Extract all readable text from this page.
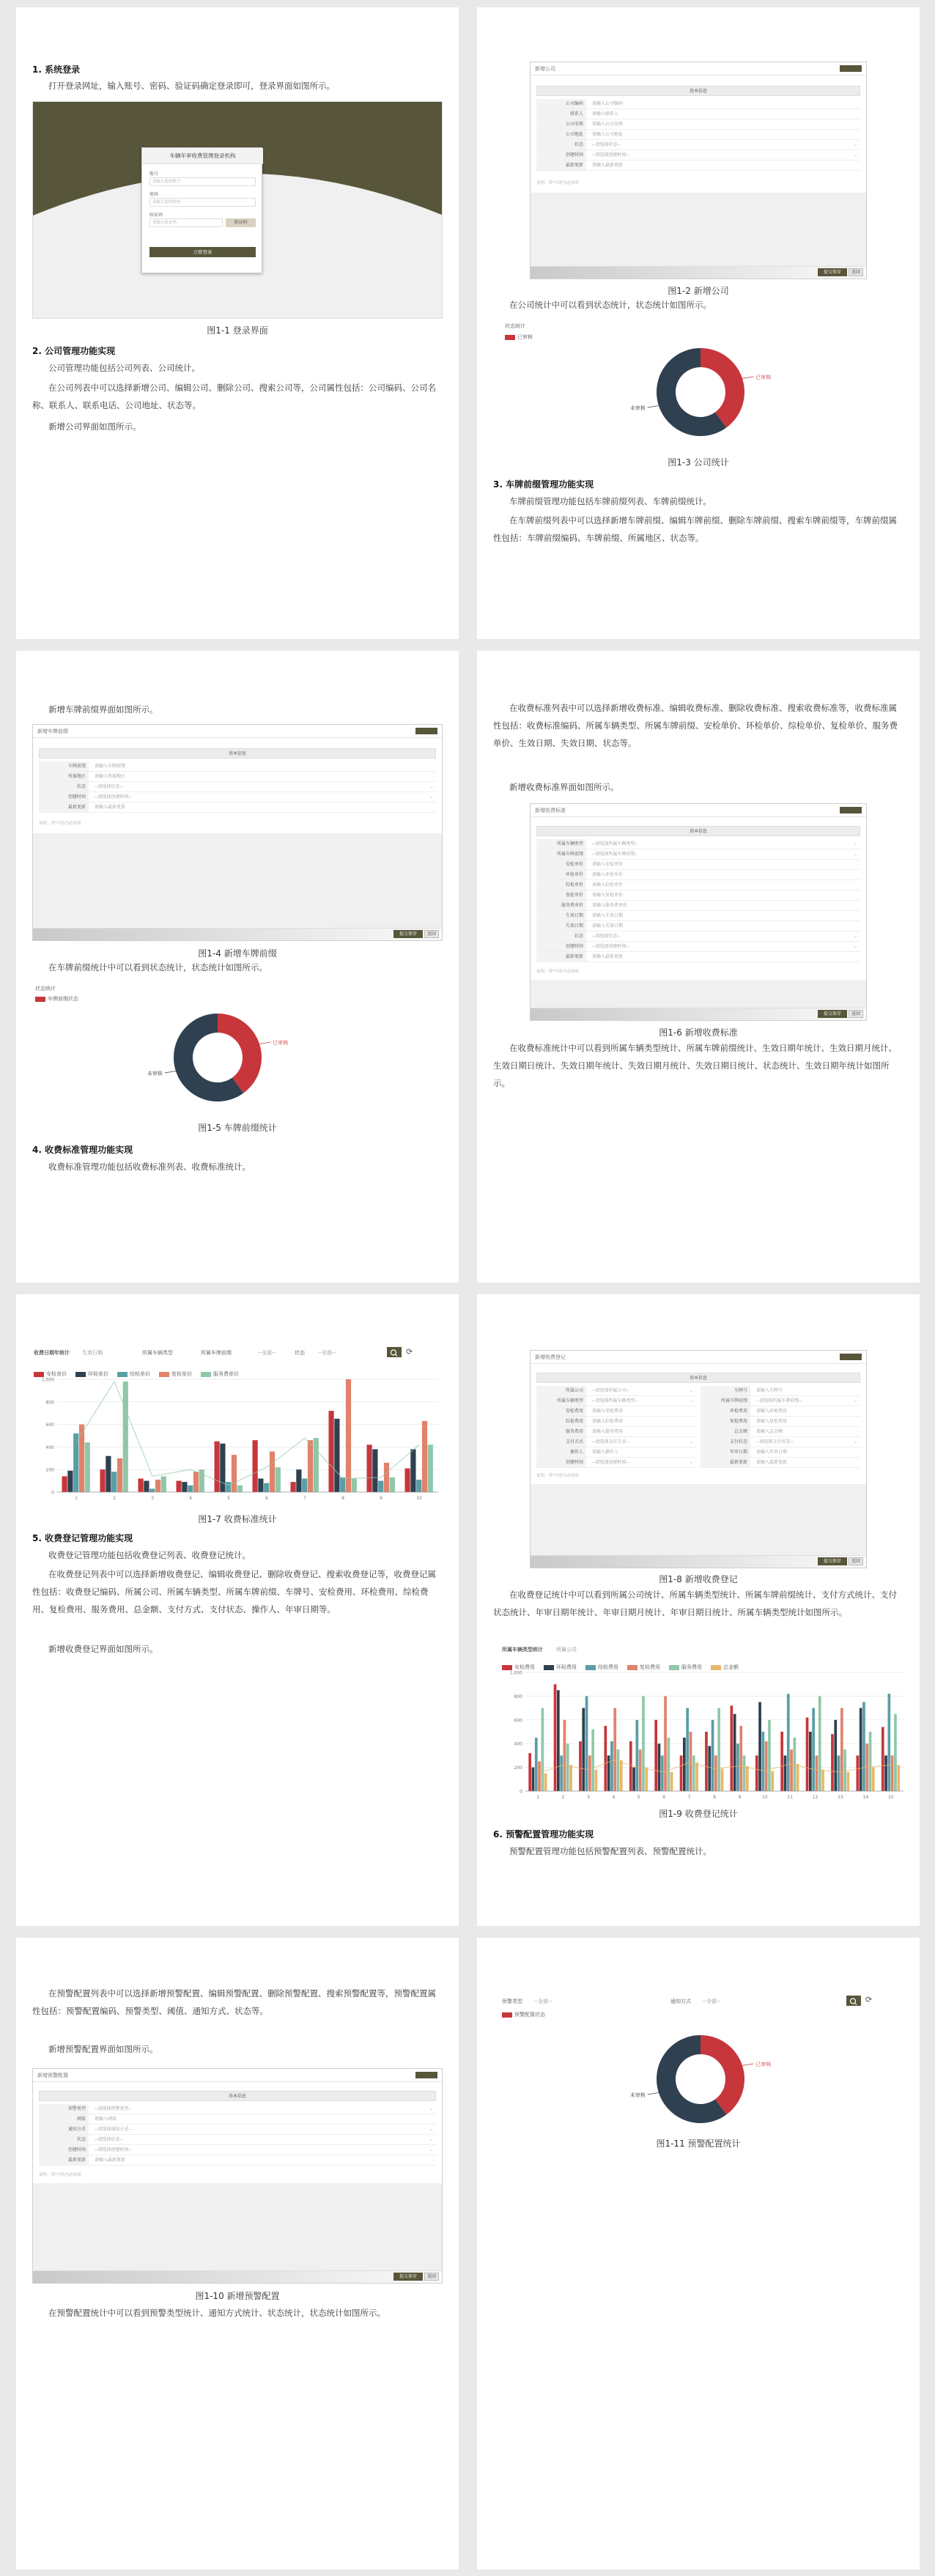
1. 系统登录
打开登录网址，输入账号、密码、验证码确定登录即可，登录界面如图所示。
车辆年审收费管理登录机构
账号
请输入您的账号
密码
请输入您的密码
验证码
请输入验证码	验证码
立即登录
图1-1 登录界面
2. 公司管理功能实现
公司管理功能包括公司列表、公司统计。
在公司列表中可以选择新增公司、编辑公司、删除公司、搜索公司等，公司属性包括：公司编码、公司名称、联系人、联系电话、公司地址、状态等。
新增公司界面如图所示。
新增公司
基本信息
公司编码	请输入公司编码
联系人	请输入联系人
公司名称	请输入公司名称
公司地址	请输入公司地址
状态	--请选择状态--	⌄
创建时间	--请选择创建时间--	⌄
最新更新	请输入最新更新
说明：带*号的为必填项
提交保存	返回
图1-2 新增公司
在公司统计中可以看到状态统计，状态统计如图所示。
状态统计
已审核
已审核
未审核
图1-3 公司统计
3. 车牌前缀管理功能实现
车牌前缀管理功能包括车牌前缀列表、车牌前缀统计。
在车牌前缀列表中可以选择新增车牌前缀、编辑车牌前缀、删除车牌前缀、搜索车牌前缀等，车牌前缀属性包括：车牌前缀编码、车牌前缀、所属地区、状态等。
新增车牌前缀界面如图所示。
新增车牌前缀
基本信息
车牌前缀	请输入车牌前缀
所属地区	请输入所属地区
状态	--请选择状态--	⌄
创建时间	--请选择创建时间--	⌄
最新更新	请输入最新更新
说明：带*号的为必填项
提交保存	返回
图1-4 新增车牌前缀
在车牌前缀统计中可以看到状态统计，状态统计如图所示。
状态统计
车牌前缀状态
已审核
未审核
图1-5 车牌前缀统计
4. 收费标准管理功能实现
收费标准管理功能包括收费标准列表、收费标准统计。
在收费标准列表中可以选择新增收费标准、编辑收费标准、删除收费标准、搜索收费标准等，收费标准属性包括：收费标准编码、所属车辆类型、所属车牌前缀、安检单价、环检单价、综检单价、复检单价、服务费单价、生效日期、失效日期、状态等。
新增收费标准界面如图所示。
新增收费标准
基本信息
所属车辆类型	--请选择所属车辆类型--	⌄
所属车牌前缀	--请选择所属车牌前缀--	⌄
安检单价	请输入安检单价
环检单价	请输入环检单价
综检单价	请输入综检单价
复检单价	请输入复检单价
服务费单价	请输入服务费单价
生效日期	请输入生效日期
失效日期	请输入失效日期
状态	--请选择状态--	⌄
创建时间	--请选择创建时间--	⌄
最新更新	请输入最新更新
说明：带*号的为必填项
提交保存	返回
图1-6 新增收费标准
在收费标准统计中可以看到所属车辆类型统计、所属车牌前缀统计、生效日期年统计、生效日期月统计、生效日期日统计、失效日期年统计、失效日期月统计、失效日期日统计、状态统计、生效日期年统计如图所示。
收费日期年统计 生效日期	所属车辆类型	所属车牌前缀	--全部--	状态	--全部--	⟳
安检单价	环检单价	综检单价	复检单价	服务费单价
0
200
400
600
800
1,000
1	2	3	4	5	6	7	8	9	10
图1-7 收费标准统计
5. 收费登记管理功能实现
收费登记管理功能包括收费登记列表、收费登记统计。
在收费登记列表中可以选择新增收费登记、编辑收费登记、删除收费登记、搜索收费登记等，收费登记属性包括：收费登记编码、所属公司、所属车辆类型、所属车牌前缀、车牌号、安检费用、环检费用、综检费用、复检费用、服务费用、总金额、支付方式、支付状态、操作人、年审日期等。
新增收费登记界面如图所示。
新增收费登记
基本信息
所属公司	--请选择所属公司--	⌄
所属车辆类型	--请选择所属车辆类型--	⌄
安检费用	请输入安检费用
综检费用	请输入综检费用
服务费用	请输入服务费用
支付方式	--请选择支付方式--	⌄
操作人	请输入操作人
创建时间	--请选择创建时间--	⌄
车牌号	请输入车牌号
所属车牌前缀	--请选择所属车牌前缀--	⌄
环检费用	请输入环检费用
复检费用	请输入复检费用
总金额	请输入总金额
支付状态	--请选择支付状态--	⌄
年审日期	请输入年审日期
最新更新	请输入最新更新
说明：带*号的为必填项
提交保存	返回
图1-8 新增收费登记
在收费登记统计中可以看到所属公司统计、所属车辆类型统计、所属车牌前缀统计、支付方式统计、支付状态统计、年审日期年统计、年审日期月统计、年审日期日统计、所属车辆类型统计如图所示。
所属车辆类型统计	所属公司
安检费用	环检费用	综检费用	复检费用	服务费用	总金额
0
200
400
600
800
1,000
1	2	3	4	5	6	7	8	9	10	11	12	13	14	15
图1-9 收费登记统计
6. 预警配置管理功能实现
预警配置管理功能包括预警配置列表、预警配置统计。
在预警配置列表中可以选择新增预警配置、编辑预警配置、删除预警配置、搜索预警配置等，预警配置属性包括：预警配置编码、预警类型、阈值、通知方式、状态等。
新增预警配置界面如图所示。
新增预警配置
基本信息
预警类型	--请选择预警类型--	⌄
阈值	请输入阈值
通知方式	--请选择通知方式--	⌄
状态	--请选择状态--	⌄
创建时间	--请选择创建时间--	⌄
最新更新	请输入最新更新
说明：带*号的为必填项
提交保存	返回
图1-10 新增预警配置
在预警配置统计中可以看到预警类型统计、通知方式统计、状态统计，状态统计如图所示。
预警类型 --全部--	通知方式 --全部--	⟳
预警配置状态
已审核
未审核
图1-11 预警配置统计
